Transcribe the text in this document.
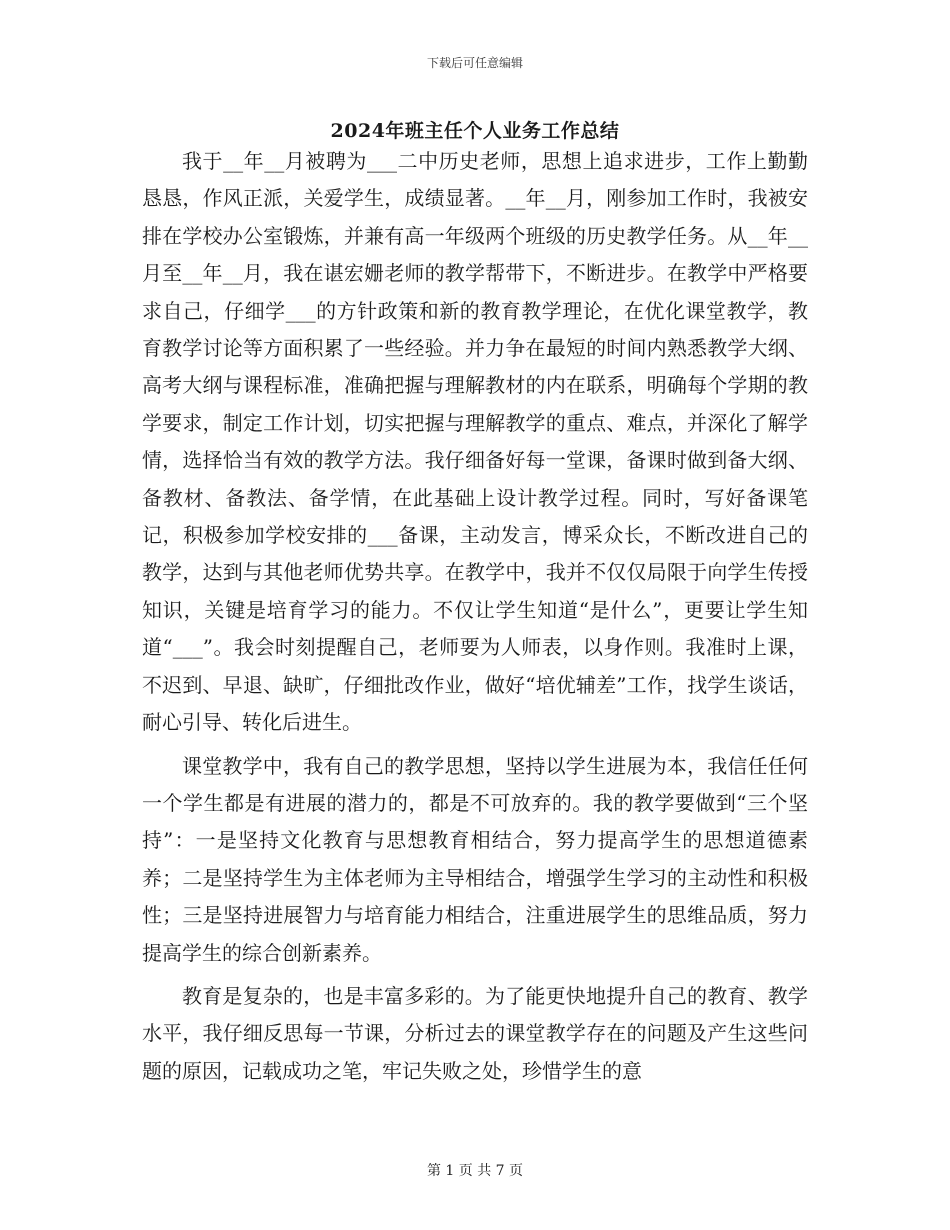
下载后可任意编辑
2024年班主任个人业务工作总结

我于__年__月被聘为___二中历史老师，思想上追求进步，工作上勤勤恳恳，作风正派，关爱学生，成绩显著。__年__月，刚参加工作时，我被安排在学校办公室锻炼，并兼有高一年级两个班级的历史教学任务。从__年__月至__年__月，我在谌宏姗老师的教学帮带下，不断进步。在教学中严格要求自己，仔细学___的方针政策和新的教育教学理论，在优化课堂教学，教育教学讨论等方面积累了一些经验。并力争在最短的时间内熟悉教学大纲、高考大纲与课程标准，准确把握与理解教材的内在联系，明确每个学期的教学要求，制定工作计划，切实把握与理解教学的重点、难点，并深化了解学情，选择恰当有效的教学方法。我仔细备好每一堂课，备课时做到备大纲、备教材、备教法、备学情，在此基础上设计教学过程。同时，写好备课笔记，积极参加学校安排的___备课，主动发言，博采众长，不断改进自己的教学，达到与其他老师优势共享。在教学中，我并不仅仅局限于向学生传授知识，关键是培育学习的能力。不仅让学生知道“是什么”，更要让学生知道“___”。我会时刻提醒自己，老师要为人师表，以身作则。我准时上课，不迟到、早退、缺旷，仔细批改作业，做好“培优辅差”工作，找学生谈话，耐心引导、转化后进生。

课堂教学中，我有自己的教学思想，坚持以学生进展为本，我信任任何一个学生都是有进展的潜力的，都是不可放弃的。我的教学要做到“三个坚持”：一是坚持文化教育与思想教育相结合，努力提高学生的思想道德素养；二是坚持学生为主体老师为主导相结合，增强学生学习的主动性和积极性；三是坚持进展智力与培育能力相结合，注重进展学生的思维品质，努力提高学生的综合创新素养。

教育是复杂的，也是丰富多彩的。为了能更快地提升自己的教育、教学水平，我仔细反思每一节课，分析过去的课堂教学存在的问题及产生这些问题的原因，记载成功之笔，牢记失败之处，珍惜学生的意

第 1 页 共 7 页
